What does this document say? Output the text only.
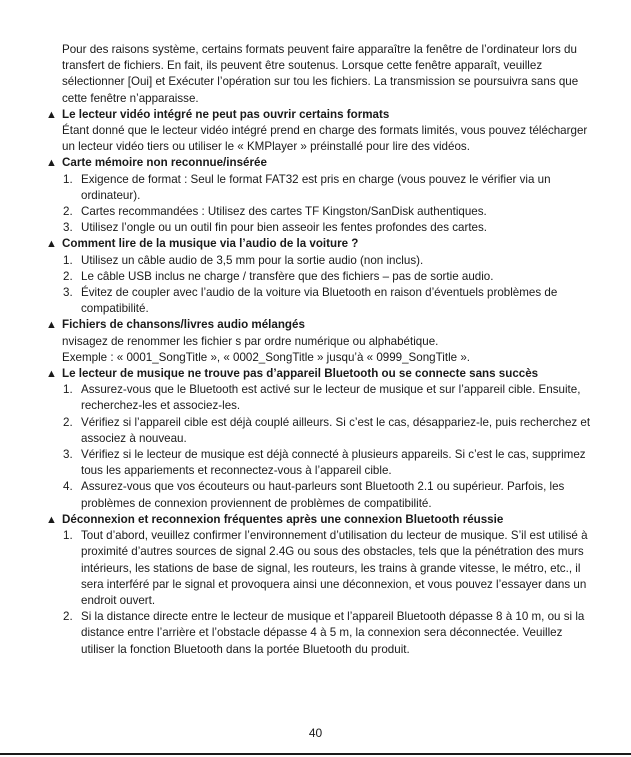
Pour des raisons système, certains formats peuvent faire apparaître la fenêtre de l’ordinateur lors du transfert de fichiers. En fait, ils peuvent être soutenus. Lorsque cette fenêtre apparaît, veuillez sélectionner [Oui] et Exécuter l’opération sur tou les fichiers. La transmission se poursuivra sans que cette fenêtre n’apparaisse.

▲ Le lecteur vidéo intégré ne peut pas ouvrir certains formats
Étant donné que le lecteur vidéo intégré prend en charge des formats limités, vous pouvez télécharger un lecteur vidéo tiers ou utiliser le « KMPlayer » préinstallé pour lire des vidéos.
▲ Carte mémoire non reconnue/insérée
1. Exigence de format : Seul le format FAT32 est pris en charge (vous pouvez le vérifier via un ordinateur).
2. Cartes recommandées : Utilisez des cartes TF Kingston/SanDisk authentiques.
3. Utilisez l’ongle ou un outil fin pour bien asseoir les fentes profondes des cartes.
▲ Comment lire de la musique via l’audio de la voiture ?
1. Utilisez un câble audio de 3,5 mm pour la sortie audio (non inclus).
2. Le câble USB inclus ne charge / transfère que des fichiers – pas de sortie audio.
3. Évitez de coupler avec l’audio de la voiture via Bluetooth en raison d’éventuels problèmes de compatibilité.
▲ Fichiers de chansons/livres audio mélangés
nvisagez de renommer les fichier s par ordre numérique ou alphabétique.
Exemple : « 0001_SongTitle », « 0002_SongTitle » jusqu’à « 0999_SongTitle ».
▲ Le lecteur de musique ne trouve pas d’appareil Bluetooth ou se connecte sans succès
1. Assurez-vous que le Bluetooth est activé sur le lecteur de musique et sur l’appareil cible. Ensuite, recherchez-les et associez-les.
2. Vérifiez si l’appareil cible est déjà couplé ailleurs. Si c’est le cas, désappariez-le, puis recherchez et associez à nouveau.
3. Vérifiez si le lecteur de musique est déjà connecté à plusieurs appareils. Si c’est le cas, supprimez tous les appariements et reconnectez-vous à l’appareil cible.
4. Assurez-vous que vos écouteurs ou haut-parleurs sont Bluetooth 2.1 ou supérieur. Parfois, les problèmes de connexion proviennent de problèmes de compatibilité.
▲ Déconnexion et reconnexion fréquentes après une connexion Bluetooth réussie
1. Tout d’abord, veuillez confirmer l’environnement d’utilisation du lecteur de musique. S’il est utilisé à proximité d’autres sources de signal 2.4G ou sous des obstacles, tels que la pénétration des murs intérieurs, les stations de base de signal, les routeurs, les trains à grande vitesse, le métro, etc., il sera interféré par le signal et provoquera ainsi une déconnexion, et vous pouvez l’essayer dans un endroit ouvert.
2. Si la distance directe entre le lecteur de musique et l’appareil Bluetooth dépasse 8 à 10 m, ou si la distance entre l’arrière et l’obstacle dépasse 4 à 5 m, la connexion sera déconnectée. Veuillez utiliser la fonction Bluetooth dans la portée Bluetooth du produit.
40
